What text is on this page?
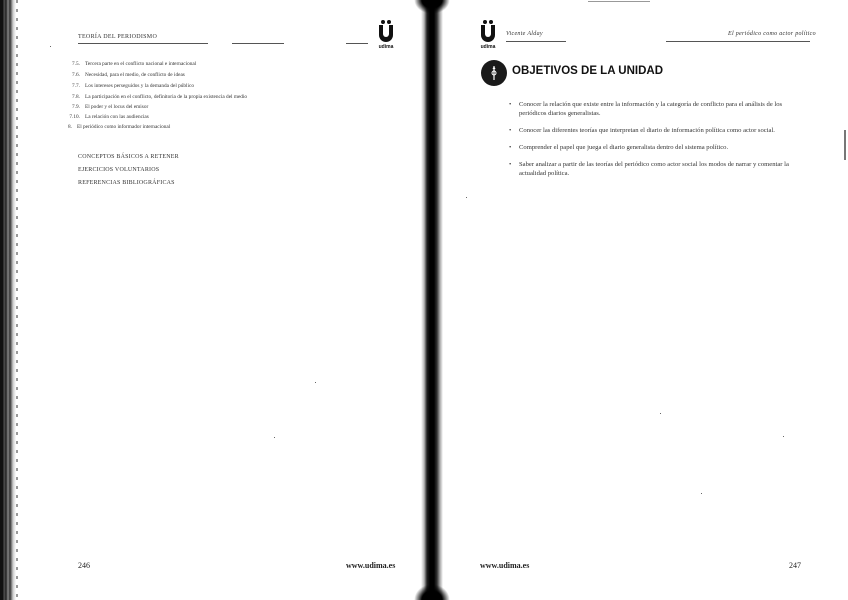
TEORÍA DEL PERIODISMO
udima
7.5. Tercera parte en el conflicto nacional e internacional
7.6. Necesidad, para el medio, de conflicto de ideas
7.7. Los intereses perseguidos y la demanda del público
7.8. La participación en el conflicto, definitoria de la propia existencia del medio
7.9. El poder y el locus del emisor
7.10. La relación con las audiencias
8. El periódico como informador internacional
CONCEPTOS BÁSICOS A RETENER
EJERCICIOS VOLUNTARIOS
REFERENCIAS BIBLIOGRÁFICAS
246	www.udima.es
udima
Vicente Alday	El periódico como actor político
OBJETIVOS DE LA UNIDAD
• Conocer la relación que existe entre la información y la categoría de conflicto para el análisis de los periódicos diarios generalistas.
• Conocer las diferentes teorías que interpretan el diario de información política como actor social.
• Comprender el papel que juega el diario generalista dentro del sistema político.
• Saber analizar a partir de las teorías del periódico como actor social los modos de narrar y comentar la actualidad política.
www.udima.es	247
